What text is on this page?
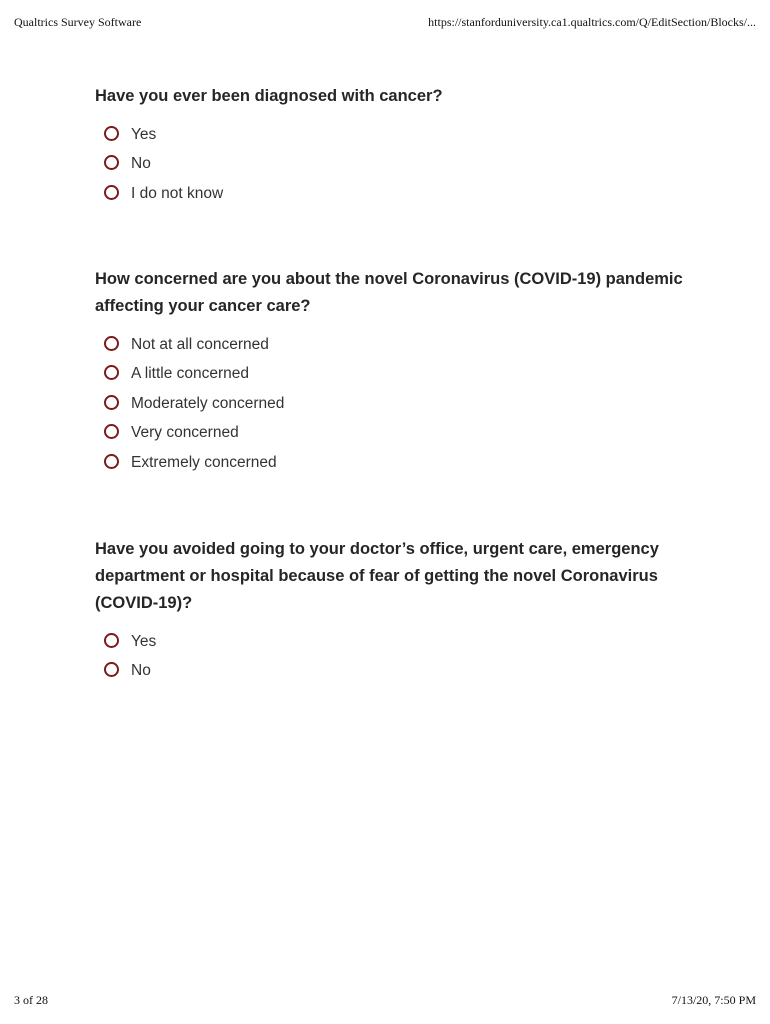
Qualtrics Survey Software	https://stanforduniversity.ca1.qualtrics.com/Q/EditSection/Blocks/...

Have you ever been diagnosed with cancer?

Yes
No
I do not know

How concerned are you about the novel Coronavirus (COVID-19) pandemic affecting your cancer care?

Not at all concerned
A little concerned
Moderately concerned
Very concerned
Extremely concerned

Have you avoided going to your doctor’s office, urgent care, emergency department or hospital because of fear of getting the novel Coronavirus (COVID-19)?

Yes
No
3 of 28	7/13/20, 7:50 PM
